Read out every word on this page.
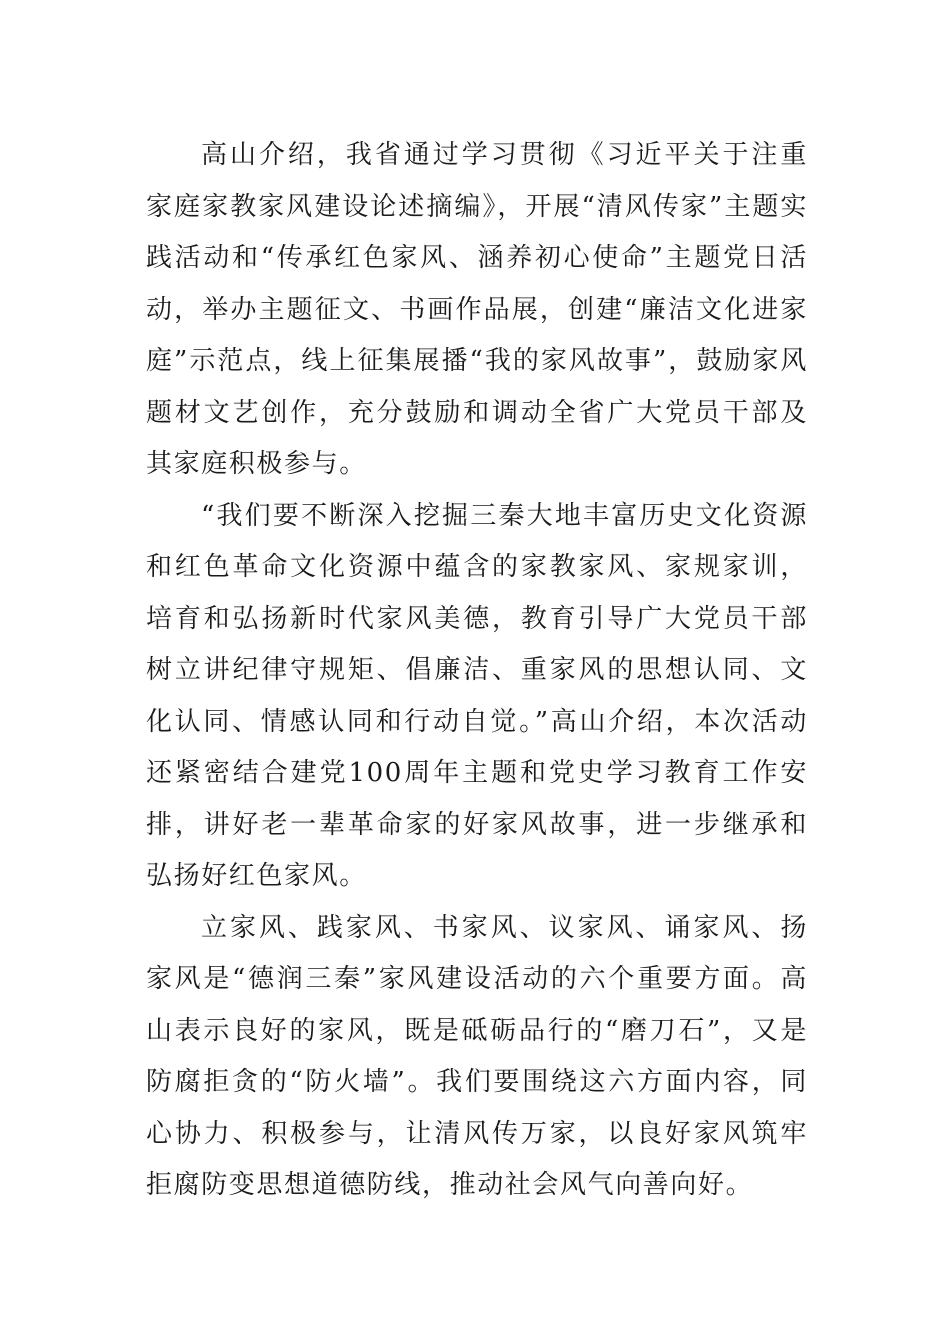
高山介绍，我省通过学习贯彻《习近平关于注重家庭家教家风建设论述摘编》，开展“清风传家”主题实践活动和“传承红色家风、涵养初心使命”主题党日活动，举办主题征文、书画作品展，创建“廉洁文化进家庭”示范点，线上征集展播“我的家风故事”，鼓励家风题材文艺创作，充分鼓励和调动全省广大党员干部及其家庭积极参与。

“我们要不断深入挖掘三秦大地丰富历史文化资源和红色革命文化资源中蕴含的家教家风、家规家训，培育和弘扬新时代家风美德，教育引导广大党员干部树立讲纪律守规矩、倡廉洁、重家风的思想认同、文化认同、情感认同和行动自觉。”高山介绍，本次活动还紧密结合建党100周年主题和党史学习教育工作安排，讲好老一辈革命家的好家风故事，进一步继承和弘扬好红色家风。

立家风、践家风、书家风、议家风、诵家风、扬家风是“德润三秦”家风建设活动的六个重要方面。高山表示良好的家风，既是砥砺品行的“磨刀石”，又是防腐拒贪的“防火墙”。我们要围绕这六方面内容，同心协力、积极参与，让清风传万家，以良好家风筑牢拒腐防变思想道德防线，推动社会风气向善向好。
